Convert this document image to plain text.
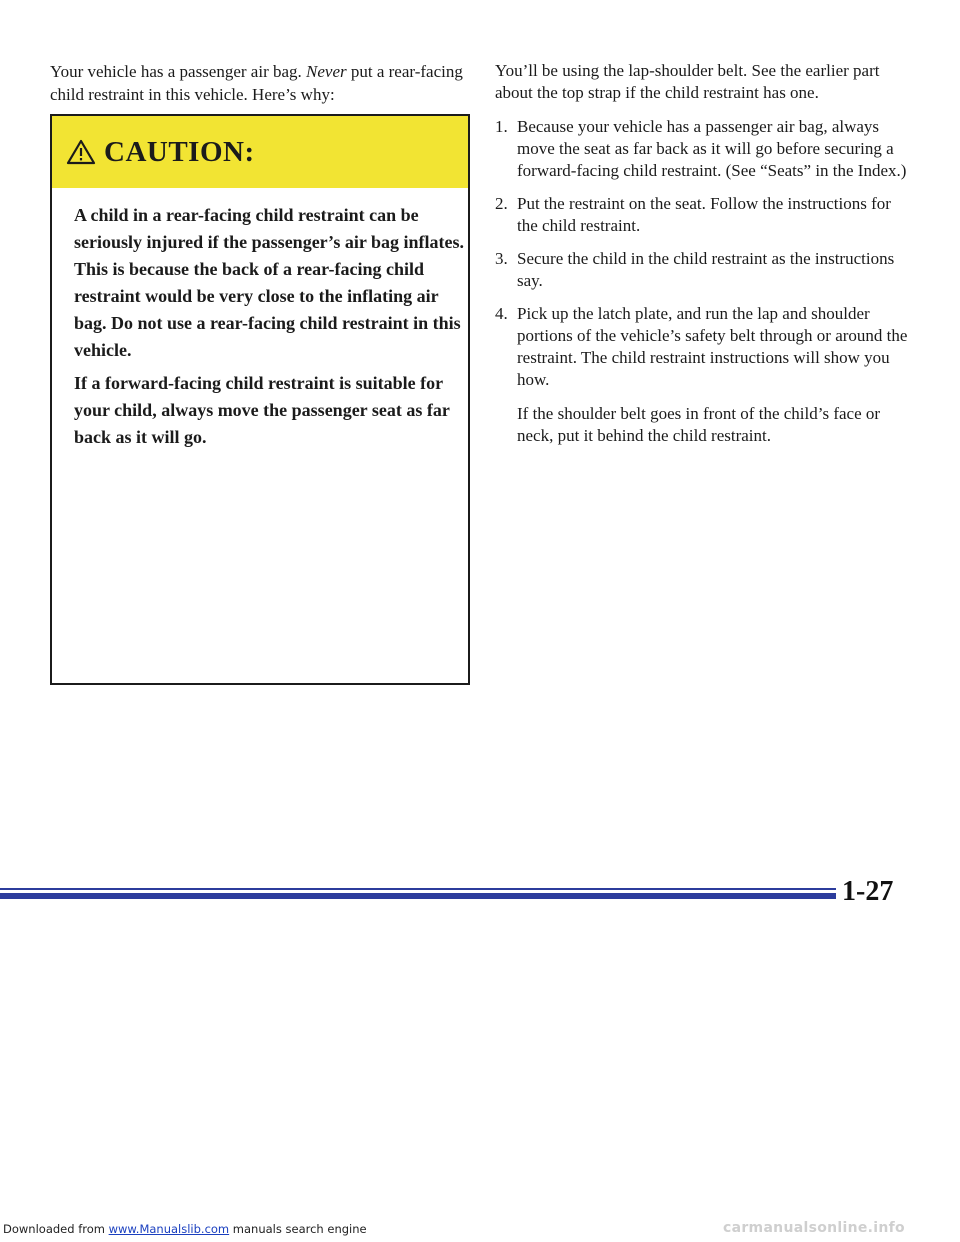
Your vehicle has a passenger air bag. Never put a rear-facing child restraint in this vehicle. Here’s why:

CAUTION:

A child in a rear-facing child restraint can be seriously injured if the passenger’s air bag inflates. This is because the back of a rear-facing child restraint would be very close to the inflating air bag. Do not use a rear-facing child restraint in this vehicle.

If a forward-facing child restraint is suitable for your child, always move the passenger seat as far back as it will go.

You’ll be using the lap-shoulder belt. See the earlier part about the top strap if the child restraint has one.

1. Because your vehicle has a passenger air bag, always move the seat as far back as it will go before securing a forward-facing child restraint. (See “Seats” in the Index.)
2. Put the restraint on the seat. Follow the instructions for the child restraint.
3. Secure the child in the child restraint as the instructions say.
4. Pick up the latch plate, and run the lap and shoulder portions of the vehicle’s safety belt through or around the restraint. The child restraint instructions will show you how.
If the shoulder belt goes in front of the child’s face or neck, put it behind the child restraint.
1-27
Downloaded from www.Manualslib.com manuals search engine	carmanualsonline.info
